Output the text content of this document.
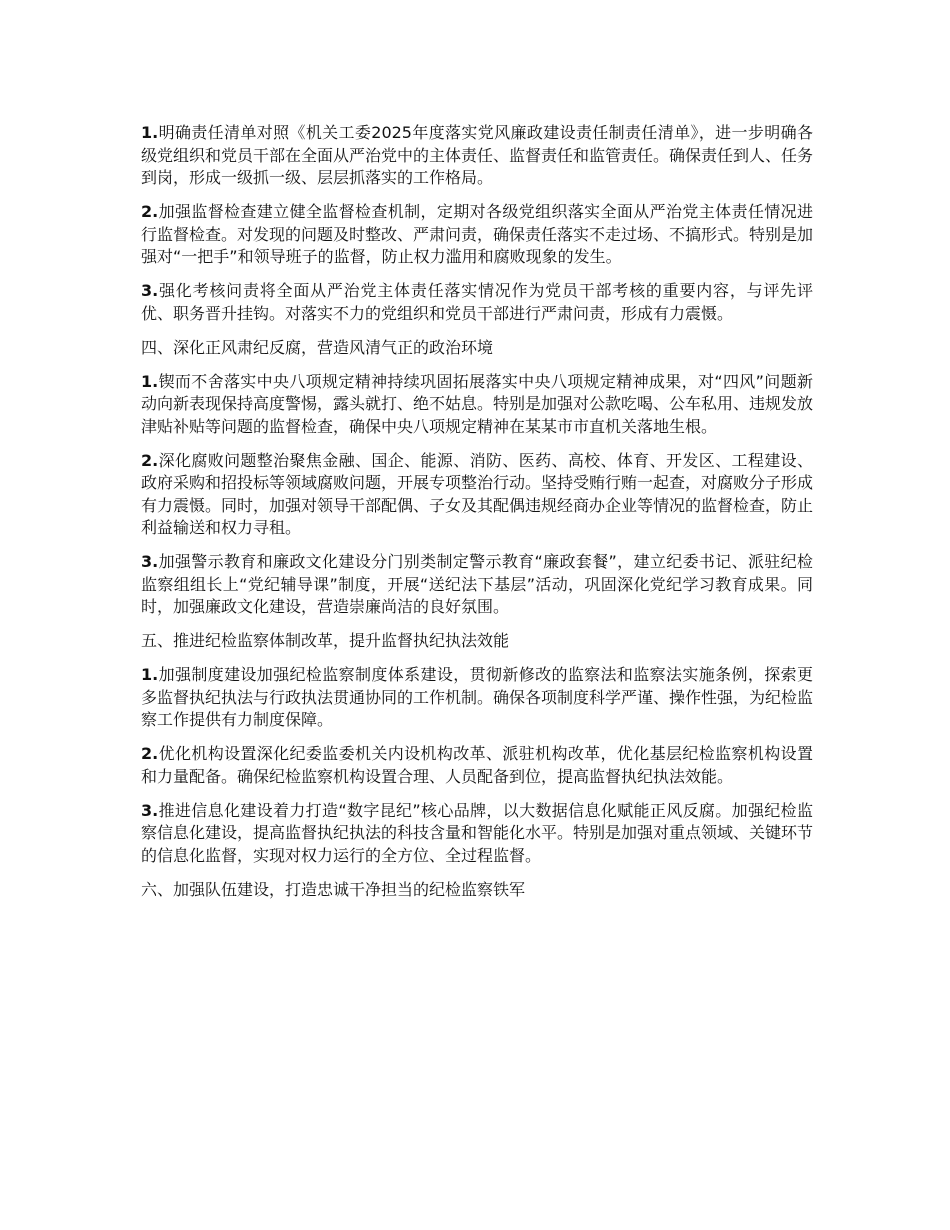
1.明确责任清单对照《机关工委2025年度落实党风廉政建设责任制责任清单》，进一步明确各级党组织和党员干部在全面从严治党中的主体责任、监督责任和监管责任。确保责任到人、任务到岗，形成一级抓一级、层层抓落实的工作格局。

2.加强监督检查建立健全监督检查机制，定期对各级党组织落实全面从严治党主体责任情况进行监督检查。对发现的问题及时整改、严肃问责，确保责任落实不走过场、不搞形式。特别是加强对“一把手”和领导班子的监督，防止权力滥用和腐败现象的发生。

3.强化考核问责将全面从严治党主体责任落实情况作为党员干部考核的重要内容，与评先评优、职务晋升挂钩。对落实不力的党组织和党员干部进行严肃问责，形成有力震慑。

四、深化正风肃纪反腐，营造风清气正的政治环境

1.锲而不舍落实中央八项规定精神持续巩固拓展落实中央八项规定精神成果，对“四风”问题新动向新表现保持高度警惕，露头就打、绝不姑息。特别是加强对公款吃喝、公车私用、违规发放津贴补贴等问题的监督检查，确保中央八项规定精神在某某市市直机关落地生根。

2.深化腐败问题整治聚焦金融、国企、能源、消防、医药、高校、体育、开发区、工程建设、政府采购和招投标等领域腐败问题，开展专项整治行动。坚持受贿行贿一起查，对腐败分子形成有力震慑。同时，加强对领导干部配偶、子女及其配偶违规经商办企业等情况的监督检查，防止利益输送和权力寻租。

3.加强警示教育和廉政文化建设分门别类制定警示教育“廉政套餐”，建立纪委书记、派驻纪检监察组组长上“党纪辅导课”制度，开展“送纪法下基层”活动，巩固深化党纪学习教育成果。同时，加强廉政文化建设，营造崇廉尚洁的良好氛围。

五、推进纪检监察体制改革，提升监督执纪执法效能

1.加强制度建设加强纪检监察制度体系建设，贯彻新修改的监察法和监察法实施条例，探索更多监督执纪执法与行政执法贯通协同的工作机制。确保各项制度科学严谨、操作性强，为纪检监察工作提供有力制度保障。

2.优化机构设置深化纪委监委机关内设机构改革、派驻机构改革，优化基层纪检监察机构设置和力量配备。确保纪检监察机构设置合理、人员配备到位，提高监督执纪执法效能。

3.推进信息化建设着力打造“数字昆纪”核心品牌，以大数据信息化赋能正风反腐。加强纪检监察信息化建设，提高监督执纪执法的科技含量和智能化水平。特别是加强对重点领域、关键环节的信息化监督，实现对权力运行的全方位、全过程监督。

六、加强队伍建设，打造忠诚干净担当的纪检监察铁军
